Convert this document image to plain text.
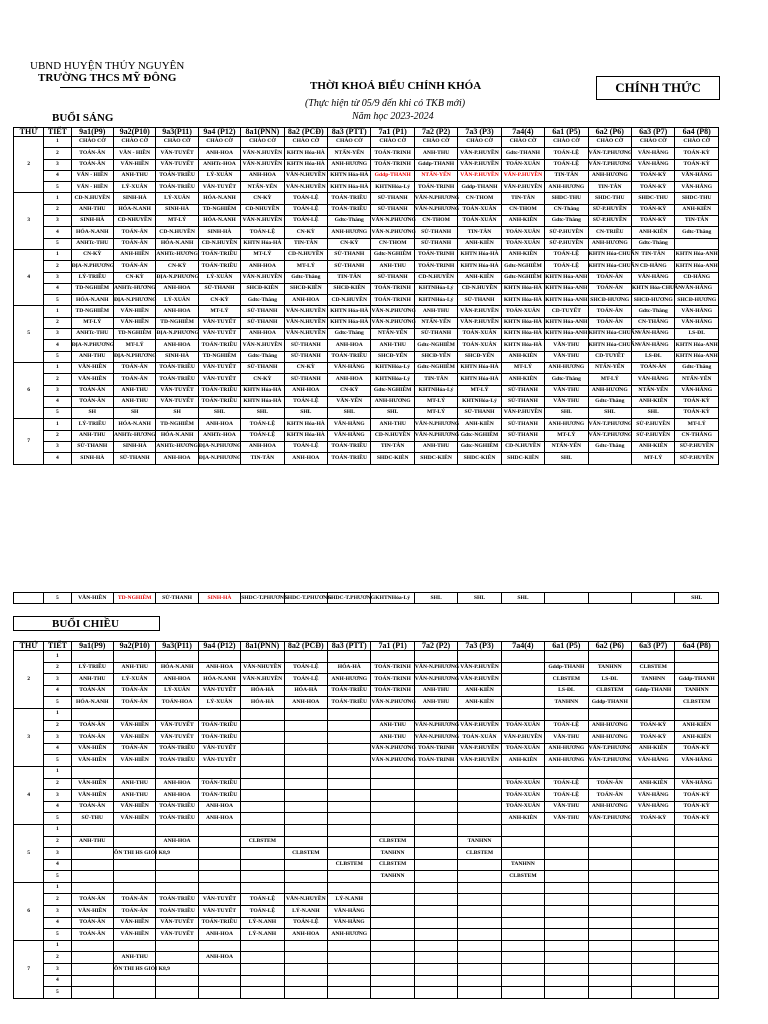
UBND HUYỆN THỦY NGUYÊN
TRƯỜNG THCS MỸ ĐÔNG
THỜI KHOÁ BIỂU CHÍNH KHÓA
(Thực hiện từ 05/9 đến khi có TKB mới)
Năm học 2023-2024
CHÍNH THỨC
BUỔI SÁNG
THỨ	TIẾT	9a1(P9)	9a2(P10)	9a3(P11)	9a4 (P12)	8a1(PNN)	8a2 (PCĐ)	8a3 (PTT)	7a1 (P1)	7a2 (P2)	7a3 (P3)	7a4(4)	6a1 (P5)	6a2 (P6)	6a3 (P7)	6a4 (P8)
2	1	CHÀO CỜ	CHÀO CỜ	CHÀO CỜ	CHÀO CỜ	CHÀO CỜ	CHÀO CỜ	CHÀO CỜ	CHÀO CỜ	CHÀO CỜ	CHÀO CỜ	CHÀO CỜ	CHÀO CỜ	CHÀO CỜ	CHÀO CỜ	CHÀO CỜ
	2	TOÁN-ÂN	VĂN - HIỀN	VĂN-TUYẾT	ANH-HOA	VĂN-N.HUYỀN	KHTN Hóa-HÀ	NTẤN-YẾN	TOÁN-TRINH	ANH-THU	VĂN-P.HUYỀN	Gdtc-THANH	TOÁN-LỆ	VĂN-T.PHƯƠNG	VĂN-HẰNG	TOÁN-KỲ
	3	TOÁN-ÂN	VĂN-HIỀN	VĂN-TUYẾT	ANHTc-HOA	VĂN-N.HUYỀN	KHTN Hóa-HÀ	ANH-HƯƠNG	TOÁN-TRINH	Gddp-THANH	VĂN-P.HUYỀN	TOÁN-XUÂN	TOÁN-LỆ	VĂN-T.PHƯƠNG	VĂN-HẰNG	TOÁN-KỲ
	4	VĂN - HIỀN	ANH-THU	TOÁN-TRIỀU	LÝ-XUÂN	ANH-HOA	VĂN-N.HUYỀN	KHTN Hóa-HÀ	Gddp-THANH	NTẤN-YẾN	VĂN-P.HUYỀN	VĂN-P.HUYỀN	TIN-TÂN	ANH-HƯƠNG	TOÁN-KỲ	VĂN-HẰNG
	5	VĂN - HIỀN	LÝ-XUÂN	TOÁN-TRIỀU	VĂN-TUYẾT	NTẤN-YẾN	VĂN-N.HUYỀN	KHTN Hóa-HÀ	KHTNHóa-Lý	TOÁN-TRINH	Gddp-THANH	VĂN-P.HUYỀN	ANH-HƯƠNG	TIN-TÂN	TOÁN-KỲ	VĂN-HẰNG
3	1	CD-N.HUYỀN	SINH-HÀ	LÝ-XUÂN	HÓA-N.ANH	CN-KỲ	TOÁN-LỆ	TOÁN-TRIỀU	SỬ-THANH	VĂN-N.PHƯƠNG	CN-THOM	TIN-TÂN	SHDC-THU	SHDC-THU	SHDC-THU	SHDC-THU
	2	ANH-THU	HÓA-N.ANH	SINH-HÀ	TD-NGHIÊM	CD-NHUYỀN	TOÁN-LỆ	TOÁN-TRIỀU	SỬ-THANH	VĂN-N.PHƯƠNG	TOÁN-XUÂN	CN-THOM	CN-Thắng	SỬ-P.HUYỀN	TOÁN-KỲ	ANH-KIÊN
	3	SINH-HÀ	CD-NHUYỀN	MT-LÝ	HÓA-N.ANH	VĂN-N.HUYỀN	TOÁN-LỆ	Gdtc-Thắng	VĂN-N.PHƯƠNG	CN-THOM	TOÁN-XUÂN	ANH-KIÊN	Gdtc-Thắng	SỬ-P.HUYỀN	TOÁN-KỲ	TIN-TÂN
	4	HÓA-N.ANH	TOÁN-ÂN	CD-N.HUYỀN	SINH-HÀ	TOÁN-LỆ	CN-KỲ	ANH-HƯƠNG	VĂN-N.PHƯƠNG	SỬ-THANH	TIN-TÂN	TOÁN-XUÂN	SỬ-P.HUYỀN	CN-TRIỀU	ANH-KIÊN	Gdtc-Thắng
	5	ANHTc-THU	TOÁN-ÂN	HÓA-N.ANH	CD-N.HUYỀN	KHTN Hóa-HÀ	TIN-TÂN	CN-KỲ	CN-THOM	SỬ-THANH	ANH-KIÊN	TOÁN-XUÂN	SỬ-P.HUYỀN	ANH-HƯƠNG	Gdtc-Thắng	
4	1	CN-KỲ	ANH-HIỀN	ANHTc-HƯƠNG	TOÁN-TRIỀU	MT-LÝ	CD-N.HUYỀN	SỬ-THANH	Gdtc-NGHIÊM	TOÁN-TRINH	KHTN Hóa-HÀ	ANH-KIÊN	TOÁN-LỆ	KHTN Hóa-CHUẨN	TIN-TÂN	KHTN Hóa-ANH
	2	ĐỊA-N.PHƯƠNG	TOÁN-ÂN	CN-KỲ	TOÁN-TRIỀU	ANH-HOA	MT-LÝ	SỬ-THANH	ANH-THU	TOÁN-TRINH	KHTN Hóa-HÀ	Gdtc-NGHIÊM	TOÁN-LỆ	KHTN Hóa-CHUẨN	CD-HẰNG	KHTN Hóa-ANH
	3	LÝ-TRIỀU	CN-KỲ	ĐỊA-N.PHƯƠNG	LÝ-XUÂN	VĂN-N.HUYỀN	Gdtc-Thắng	TIN-TÂN	SỬ-THANH	CD-N.HUYỀN	ANH-KIÊN	Gdtc-NGHIÊM	KHTN Hóa-ANH	TOÁN-ÂN	VĂN-HẰNG	CD-HẰNG
	4	TD-NGHIÊM	ANHTc-HƯƠNG	ANH-HOA	SỬ-THANH	SHCĐ-KIÊN	SHCĐ-KIÊN	SHCĐ-KIÊN	TOÁN-TRINH	KHTNHóa-Lý	CD-N.HUYỀN	KHTN Hóa-HÀ	KHTN Hóa-ANH	TOÁN-ÂN	KHTN Hóa-CHUẨN	VĂN-HẰNG
	5	HÓA-N.ANH	ĐỊA-N.PHƯƠNG	LÝ-XUÂN	CN-KỲ	Gdtc-Thắng	ANH-HOA	CD-N.HUYỀN	TOÁN-TRINH	KHTNHóa-Lý	SỬ-THANH	KHTN Hóa-HÀ	KHTN Hóa-ANH	SHCĐ-HƯƠNG	SHCĐ-HƯƠNG	SHCĐ-HƯƠNG
5	1	TD-NGHIÊM	VĂN-HIỀN	ANH-HOA	MT-LÝ	SỬ-THANH	VĂN-N.HUYỀN	KHTN Hóa-HÀ	VĂN-N.PHƯƠNG	ANH-THU	VĂN-P.HUYỀN	TOÁN-XUÂN	CD-TUYẾT	TOÁN-ÂN	Gdtc-Thắng	VĂN-HẰNG
	2	MT-LÝ	VĂN-HIỀN	TD-NGHIÊM	VĂN-TUYẾT	SỬ-THANH	VĂN-N.HUYỀN	KHTN Hóa-HÀ	VĂN-N.PHƯƠNG	NTẤN-YẾN	VĂN-P.HUYỀN	KHTN Hóa-HÀ	KHTN Hóa-ANH	TOÁN-ÂN	CN-THẮNG	VĂN-HẰNG
	3	ANHTc-THU	TD-NGHIÊM	ĐỊA-N.PHƯƠNG	VĂN-TUYẾT	ANH-HOA	VĂN-N.HUYỀN	Gdtc-Thắng	NTẤN-YẾN	SỬ-THANH	TOÁN-XUÂN	KHTN Hóa-HÀ	KHTN Hóa-ANH	KHTN Hóa-CHUẨN	VĂN-HẰNG	LS-ĐL
	4	ĐỊA-N.PHƯƠNG	MT-LÝ	ANH-HOA	TOÁN-TRIỀU	VĂN-N.HUYỀN	SỬ-THANH	ANH-HOA	ANH-THU	Gdtc-NGHIÊM	TOÁN-XUÂN	KHTN Hóa-HÀ	VĂN-THU	KHTN Hóa-CHUẨN	VĂN-HẰNG	KHTN Hóa-ANH
	5	ANH-THU	ĐỊA-N.PHƯƠNG	SINH-HÀ	TD-NGHIÊM	Gdtc-Thắng	SỬ-THANH	TOÁN-TRIỀU	SHCĐ-YẾN	SHCĐ-YẾN	SHCĐ-YẾN	ANH-KIÊN	VĂN-THU	CD-TUYẾT	LS-ĐL	KHTN Hóa-ANH
6	1	VĂN-HIỀN	TOÁN-ÂN	TOÁN-TRIỀU	VĂN-TUYẾT	SỬ-THANH	CN-KỲ	VĂN-HẰNG	KHTNHóa-Lý	Gdtc-NGHIÊM	KHTN Hóa-HÀ	MT-LÝ	ANH-HƯƠNG	NTẤN-YẾN	TOÁN-ÂN	Gdtc-Thắng
	2	VĂN-HIỀN	TOÁN-ÂN	TOÁN-TRIỀU	VĂN-TUYẾT	CN-KỲ	SỬ-THANH	ANH-HOA	KHTNHóa-Lý	TIN-TÂN	KHTN Hóa-HÀ	ANH-KIÊN	Gdtc-Thắng	MT-LÝ	VĂN-HẰNG	NTẤN-YẾN
	3	TOÁN-ÂN	ANH-THU	VĂN-TUYẾT	TOÁN-TRIỀU	KHTN Hóa-HÀ	ANH-HOA	CN-KỲ	Gdtc-NGHIÊM	KHTNHóa-Lý	MT-LÝ	SỬ-THANH	VĂN-THU	ANH-HƯƠNG	NTẤN-YẾN	VĂN-HẰNG
	4	TOÁN-ÂN	ANH-THU	VĂN-TUYẾT	TOÁN-TRIỀU	KHTN Hóa-HÀ	TOÁN-LỆ	VĂN-YẾN	ANH-HƯƠNG	MT-LÝ	KHTNHóa-Lý	SỬ-THANH	VĂN-THU	Gdtc-Thắng	ANH-KIÊN	TOÁN-KỲ
	5	SH	SH	SH	SHL	SHL	SHL	SHL	SHL	MT-LÝ	SỬ-THANH	VĂN-P.HUYỀN	SHL	SHL	SHL	TOÁN-KỲ
7	1	LÝ-TRIỀU	HÓA-N.ANH	TD-NGHIÊM	ANH-HOA	TOÁN-LỆ	KHTN Hóa-HÀ	VĂN-HẰNG	ANH-THU	VĂN-N.PHƯƠNG	ANH-KIÊN	SỬ-THANH	ANH-HƯƠNG	VĂN-T.PHƯƠNG	SỬ-P.HUYỀN	MT-LÝ
	2	ANH-THU	ANHTc-HƯƠNG	HÓA-N.ANH	ANHTc-HOA	TOÁN-LỆ	KHTN Hóa-HÀ	VĂN-HẰNG	CD-N.HUYỀN	VĂN-N.PHƯƠNG	Gdtc-NGHIÊM	SỬ-THANH	MT-LÝ	VĂN-T.PHƯƠNG	SỬ-P.HUYỀN	CN-THẮNG
	3	SỬ-THANH	SINH-HÀ	ANHTc-HƯƠNG	ĐỊA-N.PHƯƠNG	ANH-HOA	TOÁN-LỆ	TOÁN-TRIỀU	TIN-TÂN	ANH-THU	Gdtc-NGHIÊM	CD-N.HUYỀN	NTẤN-YẾN	Gdtc-Thắng	ANH-KIÊN	SỬ-P.HUYỀN
	4	SINH-HÀ	SỬ-THANH	ANH-HOA	ĐỊA-N.PHƯƠNG	TIN-TÂN	ANH-HOA	TOÁN-TRIỀU	SHDC-KIÊN	SHDC-KIÊN	SHDC-KIÊN	SHDC-KIÊN	SHL		MT-LÝ	SỬ-P.HUYỀN
	5	VĂN-HIỀN	TD-NGHIÊM	SỬ-THANH	SINH-HÀ	SHDC-T.PHƯƠNG	SHDC-T.PHƯƠNG	SHDC-T.PHƯƠNG	KHTNHóa-Lý	SHL	SHL	SHL				SHL
BUỔI CHIỀU
THỨ	TIẾT	9a1(P9)	9a2(P10)	9a3(P11)	9a4 (P12)	8a1(PNN)	8a2 (PCĐ)	8a3 (PTT)	7a1 (P1)	7a2 (P2)	7a3 (P3)	7a4(4)	6a1 (P5)	6a2 (P6)	6a3 (P7)	6a4 (P8)
2	1															
	2	LÝ-TRIỀU	ANH-THU	HÓA-N.ANH	ANH-HOA	VĂN-NHUYỀN	TOÁN-LỆ	HÓA-HÀ	TOÁN-TRINH	VĂN-N.PHƯƠNG	VĂN-P.HUYỀN		Gddp-THANH	TANHNN	CLBSTEM	
	3	ANH-THU	LÝ-XUÂN	ANH-HOA	HÓA-N.ANH	VĂN-N.HUYỀN	TOÁN-LỆ	ANH-HƯƠNG	TOÁN-TRINH	VĂN-N.PHƯƠNG	VĂN-P.HUYỀN		CLBSTEM	LS-ĐL	TANHNN	Gddp-THANH
	4	TOÁN-ÂN	TOÁN-ÂN	LÝ-XUÂN	VĂN-TUYẾT	HÓA-HÀ	HÓA-HÀ	TOÁN-TRIỀU	TOÁN-TRINH	ANH-THU	ANH-KIÊN		LS-ĐL	CLBSTEM	Gddp-THANH	TANHNN
	5	HÓA-N.ANH	TOÁN-ÂN	TOÁN-HOA	LÝ-XUÂN	HÓA-HÀ	ANH-HOA	TOÁN-TRIỀU	VĂN-N.PHƯƠNG	ANH-THU	ANH-KIÊN		TANHNN	Gddp-THANH		CLBSTEM
3	1															
	2	TOÁN-ÂN	VĂN-HIỀN	VĂN-TUYẾT	TOÁN-TRIỀU				ANH-THU	VĂN-N.PHƯƠNG	VĂN-P.HUYỀN	TOÁN-XUÂN	TOÁN-LỆ	ANH-HƯƠNG	TOÁN-KỲ	ANH-KIÊN
	3	TOÁN-ÂN	VĂN-HIỀN	VĂN-TUYẾT	TOÁN-TRIỀU				ANH-THU	VĂN-N.PHƯƠNG	TOÁN-XUÂN	VĂN-P.HUYỀN	VĂN-THU	ANH-HƯƠNG	TOÁN-KỲ	ANH-KIÊN
	4	VĂN-HIỀN	TOÁN-ÂN	TOÁN-TRIỀU	VĂN-TUYẾT				VĂN-N.PHƯƠNG	TOÁN-TRINH	VĂN-P.HUYỀN	TOÁN-XUÂN	ANH-HƯƠNG	VĂN-T.PHƯƠNG	ANH-KIÊN	TOÁN-KỲ
	5	VĂN-HIỀN	VĂN-HIỀN	TOÁN-TRIỀU	VĂN-TUYẾT				VĂN-N.PHƯƠNG	TOÁN-TRINH	VĂN-P.HUYỀN	ANH-KIÊN	ANH-HƯƠNG	VĂN-T.PHƯƠNG	VĂN-HẰNG	VĂN-HẰNG
4	1															
	2	VĂN-HIỀN	ANH-THU	ANH-HOA	TOÁN-TRIỀU							TOÁN-XUÂN	TOÁN-LỆ	TOÁN-ÂN	ANH-KIÊN	VĂN-HẰNG
	3	VĂN-HIỀN	ANH-THU	ANH-HOA	TOÁN-TRIỀU							TOÁN-XUÂN	TOÁN-LỆ	TOÁN-ÂN	VĂN-HẰNG	TOÁN-KỲ
	4	TOÁN-ÂN	VĂN-HIỀN	TOÁN-TRIỀU	ANH-HOA							TOÁN-XUÂN	VĂN-THU	ANH-HƯƠNG	VĂN-HẰNG	TOÁN-KỲ
	5	SỬ-THU	VĂN-HIỀN	TOÁN-TRIỀU	ANH-HOA							ANH-KIÊN	VĂN-THU	VĂN-T.PHƯƠNG	TOÁN-KỲ	TOÁN-KỲ
5	1															
	2	ANH-THU		ANH-HOA		CLBSTEM			CLBSTEM		TANHNN					
	3		ÔN THI HS GIỎI K8,9				CLBSTEM		TANHNN		CLBSTEM					
	4							CLBSTEM	CLBSTEM			TANHNN				
	5								TANHNN			CLBSTEM				
6	1															
	2	TOÁN-ÂN	TOÁN-ÂN	TOÁN-TRIỀU	VĂN-TUYẾT	TOÁN-LỆ	VĂN-N.HUYỀN	LÝ-N.ANH								
	3	VĂN-HIỀN	TOÁN-ÂN	TOÁN-TRIỀU	VĂN-TUYẾT	TOÁN-LỆ	LÝ-N.ANH	VĂN-HẰNG								
	4	TOÁN-ÂN	VĂN-HIỀN	VĂN-TUYẾT	TOÁN-TRIỀU	LÝ-N.ANH	TOÁN-LỆ	VĂN-HẰNG								
	5	TOÁN-ÂN	VĂN-HIỀN	VĂN-TUYẾT	ANH-HOA	LÝ-N.ANH	ANH-HOA	ANH-HƯƠNG								
7	1															
	2		ANH-THU		ANH-HOA											
	3		ÔN THI HS GIỎI K8,9													
	4															
	5															
